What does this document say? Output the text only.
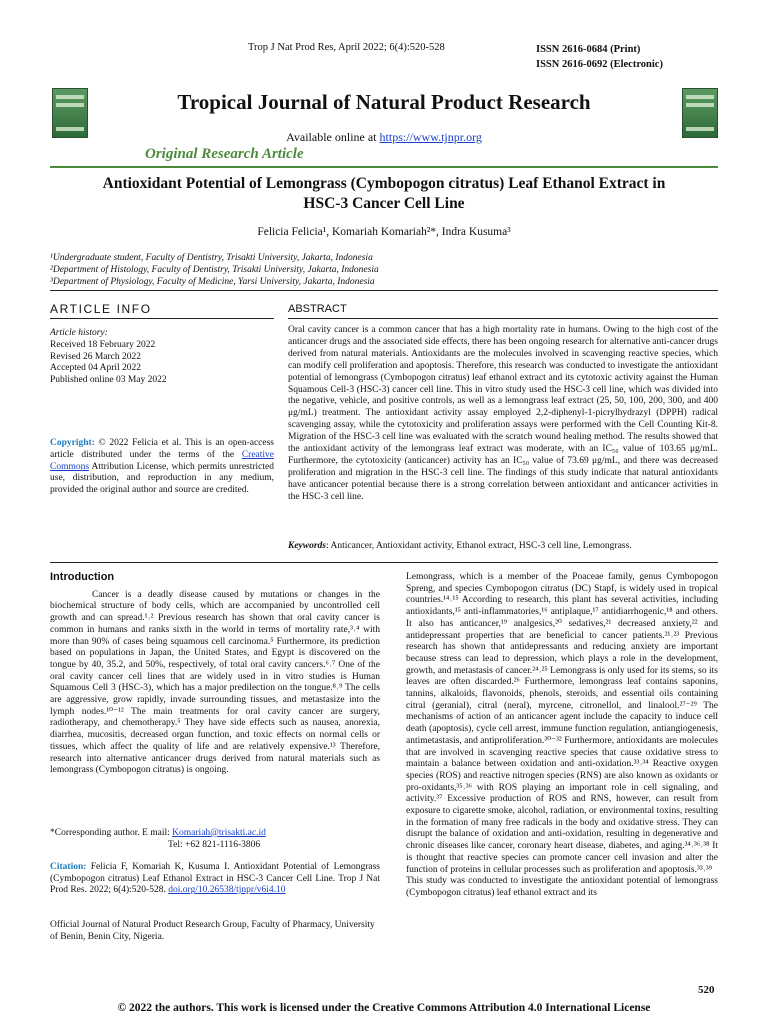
Trop J Nat Prod Res, April 2022; 6(4):520-528	ISSN 2616-0684 (Print)
ISSN 2616-0692 (Electronic)
Tropical Journal of Natural Product Research
Available online at https://www.tjnpr.org
Original Research Article
Antioxidant Potential of Lemongrass (Cymbopogon citratus) Leaf Ethanol Extract in
HSC-3 Cancer Cell Line
Felicia Felicia¹, Komariah Komariah²*, Indra Kusuma³
¹Undergraduate student, Faculty of Dentistry, Trisakti University, Jakarta, Indonesia
²Department of Histology, Faculty of Dentistry, Trisakti University, Jakarta, Indonesia
³Department of Physiology, Faculty of Medicine, Yarsi University, Jakarta, Indonesia
ARTICLE INFO	ABSTRACT
Article history:
Received 18 February 2022
Revised 26 March 2022
Accepted 04 April 2022
Published online 03 May 2022
Copyright: © 2022 Felicia et al. This is an open-access article distributed under the terms of the Creative Commons Attribution License, which permits unrestricted use, distribution, and reproduction in any medium, provided the original author and source are credited.
Oral cavity cancer is a common cancer that has a high mortality rate in humans. Owing to the high cost of the anticancer drugs and the associated side effects, there has been ongoing research for alternative anti-cancer drugs derived from natural materials. Antioxidants are the molecules involved in scavenging reactive species, which can modify cell proliferation and apoptosis. Therefore, this research was conducted to investigate the antioxidant potential of lemongrass (Cymbopogon citratus) leaf ethanol extract and its cytotoxic activity against the Human Squamous Cell-3 (HSC-3) cancer cell line. This in vitro study used the HSC-3 cell line, which was divided into the negative, vehicle, and positive controls, as well as a lemongrass leaf extract (25, 50, 100, 200, 300, and 400 μg/mL) treatment. The antioxidant activity assay employed 2,2-diphenyl-1-picrylhydrazyl (DPPH) radical scavenging assay, while the cytotoxicity and proliferation assays were performed with the Cell Counting Kit-8. Migration of the HSC-3 cell line was evaluated with the scratch wound healing method. The results showed that the antioxidant activity of the lemongrass leaf extract was moderate, with an IC₅₀ value of 103.65 μg/mL. Furthermore, the cytotoxicity (anticancer) activity has an IC₅₀ value of 73.69 μg/mL, and there was decreased proliferation and migration in the HSC-3 cell line. The findings of this study indicate that natural antioxidants have anticancer potential because there is a strong correlation between antioxidant and anticancer activities in the HSC-3 cell line.
Keywords: Anticancer, Antioxidant activity, Ethanol extract, HSC-3 cell line, Lemongrass.
Introduction

Cancer is a deadly disease caused by mutations or changes in the biochemical structure of body cells, which are accompanied by uncontrolled cell growth and can spread.¹˒² Previous research has shown that oral cavity cancer is common in humans and ranks sixth in the world in terms of mortality rate,³˒⁴ with more than 90% of cases being squamous cell carcinoma.⁵ Furthermore, its prediction based on populations in Japan, the United States, and Egypt is discovered on the tongue by 40, 35.2, and 50%, respectively, of total oral cavity cancers.⁶˒⁷ One of the oral cavity cancer cell lines that are widely used in in vitro studies is Human Squamous Cell 3 (HSC-3), which has a major predilection on the tongue.⁸˒⁹ The cells are aggressive, grow rapidly, invade surrounding tissues, and metastasize into the lymph nodes.¹⁰⁻¹² The main treatments for oral cavity cancer are surgery, radiotherapy, and chemotherapy.⁵ They have side effects such as nausea, anorexia, diarrhea, mucositis, decreased organ function, and toxic effects on normal cells or tissues, which affect the quality of life and are relatively expensive.¹³ Therefore, research into alternative anticancer drugs derived from natural materials such as lemongrass (Cymbopogon citratus) is ongoing.

*Corresponding author. E mail: Komariah@trisakti.ac.id
Tel: +62 821-1116-3806
Citation: Felicia F, Komariah K, Kusuma I. Antioxidant Potential of Lemongrass (Cymbopogon citratus) Leaf Ethanol Extract in HSC-3 Cancer Cell Line. Trop J Nat Prod Res. 2022; 6(4):520-528. doi.org/10.26538/tjnpr/v6i4.10
Official Journal of Natural Product Research Group, Faculty of Pharmacy, University of Benin, Benin City, Nigeria.

Lemongrass, which is a member of the Poaceae family, genus Cymbopogon Spreng, and species Cymbopogon citratus (DC) Stapf, is widely used in tropical countries.¹⁴˒¹⁵ According to research, this plant has several activities, including antioxidants,¹⁵ anti-inflammatories,¹⁶ antiplaque,¹⁷ antidiarrhogenic,¹⁸ and others. It also has anticancer,¹⁹ analgesics,²⁰ sedatives,²¹ decreased anxiety,²² and antidepressant properties that are beneficial to cancer patients.²¹˒²³ Previous research has shown that antidepressants and reducing anxiety are important because stress can lead to depression, which plays a role in the development, growth, and metastasis of cancer.²⁴˒²⁵ Lemongrass is only used for its stems, so its leaves are often discarded.²⁶ Furthermore, lemongrass leaf contains saponins, tannins, alkaloids, flavonoids, phenols, steroids, and essential oils containing citral (geranial), citral (neral), myrcene, citronellol, and linalool.²⁷⁻²⁹ The mechanisms of action of an anticancer agent include the capacity to induce cell death (apoptosis), cycle cell arrest, immune function regulation, antiangiogenesis, antimetastasis, and antiproliferation.³⁰⁻³² Furthermore, antioxidants are molecules that are involved in scavenging reactive species that cause oxidative stress to maintain a balance between oxidation and anti-oxidation.³³˒³⁴ Reactive oxygen species (ROS) and reactive nitrogen species (RNS) are also known as oxidants or pro-oxidants,³⁵˒³⁶ with ROS playing an important role in cell signaling, and activity.³⁷ Excessive production of ROS and RNS, however, can result from exposure to cigarette smoke, alcohol, radiation, or environmental toxins, resulting in the formation of many free radicals in the body and oxidative stress. They can disrupt the balance of oxidation and anti-oxidation, resulting in degenerative and chronic diseases like cancer, coronary heart disease, diabetes, and aging.³⁴˒³⁶˒³⁸ It is thought that reactive species can promote cancer cell invasion and alter the function of proteins in cellular processes such as proliferation and apoptosis.³³˒³⁹

This study was conducted to investigate the antioxidant potential of lemongrass (Cymbopogon citratus) leaf ethanol extract and its

520
© 2022 the authors. This work is licensed under the Creative Commons Attribution 4.0 International License
